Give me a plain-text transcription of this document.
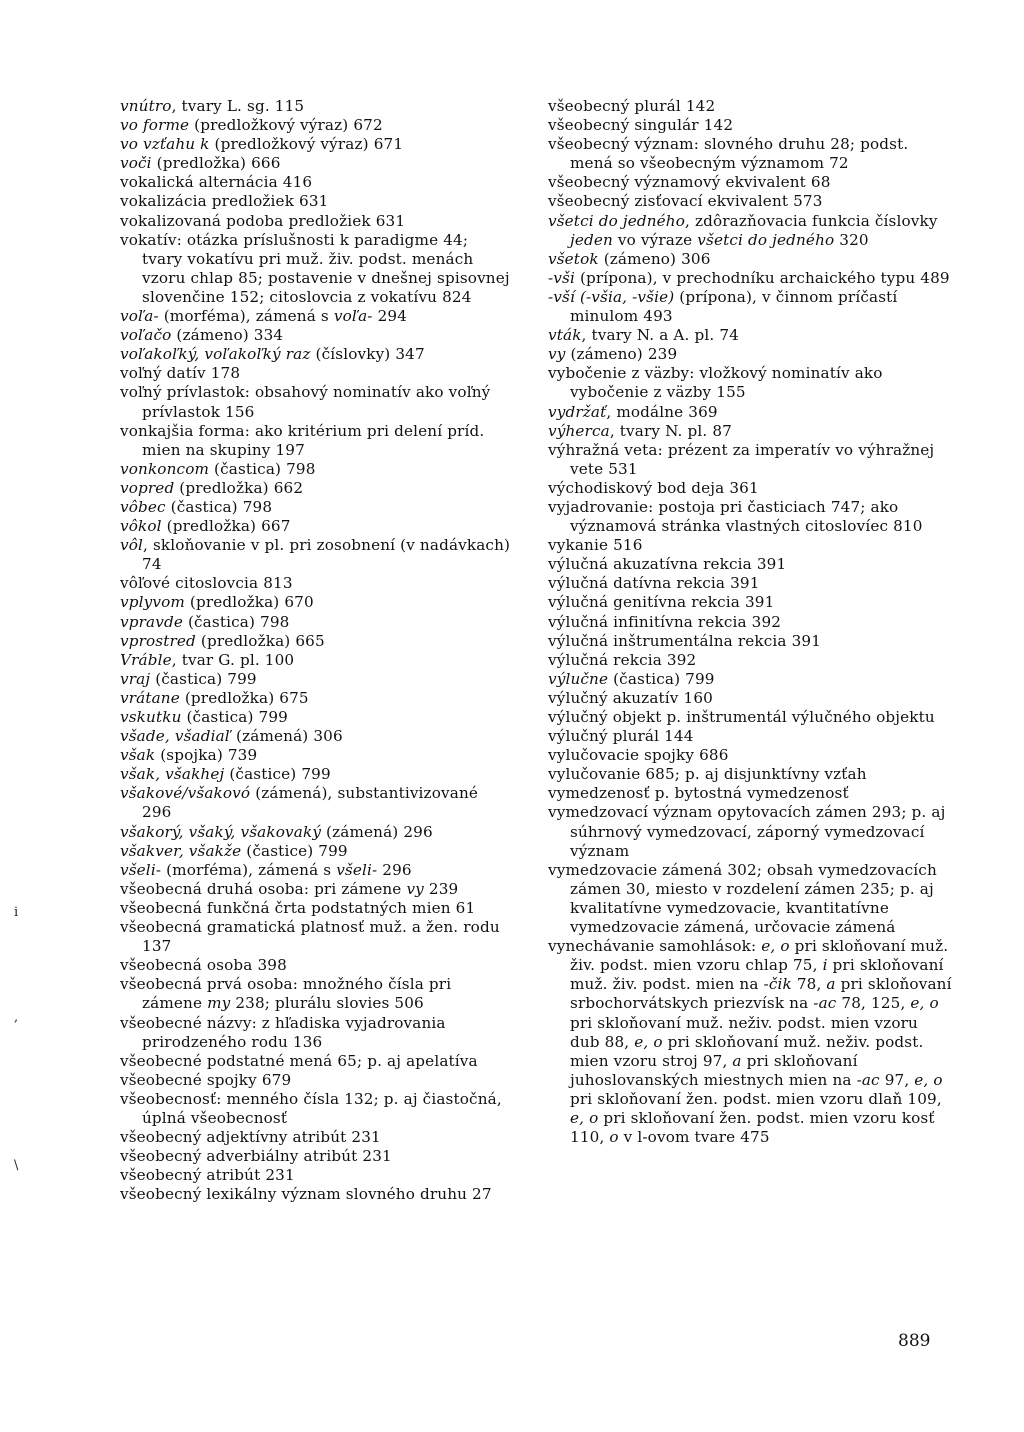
vnútro, tvary L. sg. 115
vo forme (predložkový výraz) 672
vo vzťahu k (predložkový výraz) 671
voči (predložka) 666
vokalická alternácia 416
vokalizácia predložiek 631
vokalizovaná podoba predložiek 631
vokatív: otázka príslušnosti k paradigme 44; tvary vokatívu pri muž. živ. podst. menách vzoru chlap 85; postavenie v dnešnej spisovnej slovenčine 152; citoslovcia z vokatívu 824
voľa- (morféma), zámená s voľa- 294
voľačo (zámeno) 334
voľakoľký, voľakoľký raz (číslovky) 347
voľný datív 178
voľný prívlastok: obsahový nominatív ako voľný prívlastok 156
vonkajšia forma: ako kritérium pri delení príd. mien na skupiny 197
vonkoncom (častica) 798
vopred (predložka) 662
vôbec (častica) 798
vôkol (predložka) 667
vôl, skloňovanie v pl. pri zosobnení (v nadávkach) 74
vôľové citoslovcia 813
vplyvom (predložka) 670
vpravde (častica) 798
vprostred (predložka) 665
Vráble, tvar G. pl. 100
vraj (častica) 799
vrátane (predložka) 675
vskutku (častica) 799
všade, všadiaľ (zámená) 306
však (spojka) 739
však, všakhej (častice) 799
všakové/všakovó (zámená), substantivizované 296
všakorý, všaký, všakovaký (zámená) 296
všakver, všakže (častice) 799
všeli- (morféma), zámená s všeli- 296
všeobecná druhá osoba: pri zámene vy 239
všeobecná funkčná črta podstatných mien 61
všeobecná gramatická platnosť muž. a žen. rodu 137
všeobecná osoba 398
všeobecná prvá osoba: množného čísla pri zámene my 238; plurálu slovies 506
všeobecné názvy: z hľadiska vyjadrovania prirodzeného rodu 136
všeobecné podstatné mená 65; p. aj apelatíva
všeobecné spojky 679
všeobecnosť: menného čísla 132; p. aj čiastočná, úplná všeobecnosť
všeobecný adjektívny atribút 231
všeobecný adverbiálny atribút 231
všeobecný atribút 231
všeobecný lexikálny význam slovného druhu 27
všeobecný plurál 142
všeobecný singulár 142
všeobecný význam: slovného druhu 28; podst. mená so všeobecným významom 72
všeobecný významový ekvivalent 68
všeobecný zisťovací ekvivalent 573
všetci do jedného, zdôrazňovacia funkcia číslovky jeden vo výraze všetci do jedného 320
všetok (zámeno) 306
-vši (prípona), v prechodníku archaického typu 489
-vší (-všia, -všie) (prípona), v činnom príčastí minulom 493
vták, tvary N. a A. pl. 74
vy (zámeno) 239
vybočenie z väzby: vložkový nominatív ako vybočenie z väzby 155
vydržať, modálne 369
výherca, tvary N. pl. 87
výhražná veta: prézent za imperatív vo výhražnej vete 531
východiskový bod deja 361
vyjadrovanie: postoja pri časticiach 747; ako významová stránka vlastných citoslovíec 810
vykanie 516
výlučná akuzatívna rekcia 391
výlučná datívna rekcia 391
výlučná genitívna rekcia 391
výlučná infinitívna rekcia 392
výlučná inštrumentálna rekcia 391
výlučná rekcia 392
výlučne (častica) 799
výlučný akuzatív 160
výlučný objekt p. inštrumentál výlučného objektu
výlučný plurál 144
vylučovacie spojky 686
vylučovanie 685; p. aj disjunktívny vzťah
vymedzenosť p. bytostná vymedzenosť
vymedzovací význam opytovacích zámen 293; p. aj súhrnový vymedzovací, záporný vymedzovací význam
vymedzovacie zámená 302; obsah vymedzovacích zámen 30, miesto v rozdelení zámen 235; p. aj kvalitatívne vymedzovacie, kvantitatívne vymedzovacie zámená, určovacie zámená
vynechávanie samohlások: e, o pri skloňovaní muž. živ. podst. mien vzoru chlap 75, i pri skloňovaní muž. živ. podst. mien na -čik 78, a pri skloňovaní srbochorvátskych priezvísk na -ac 78, 125, e, o pri skloňovaní muž. neživ. podst. mien vzoru dub 88, e, o pri skloňovaní muž. neživ. podst. mien vzoru stroj 97, a pri skloňovaní juhoslovanských miestnych mien na -ac 97, e, o pri skloňovaní žen. podst. mien vzoru dlaň 109, e, o pri skloňovaní žen. podst. mien vzoru kosť 110, o v l-ovom tvare 475
i
,
\
889
